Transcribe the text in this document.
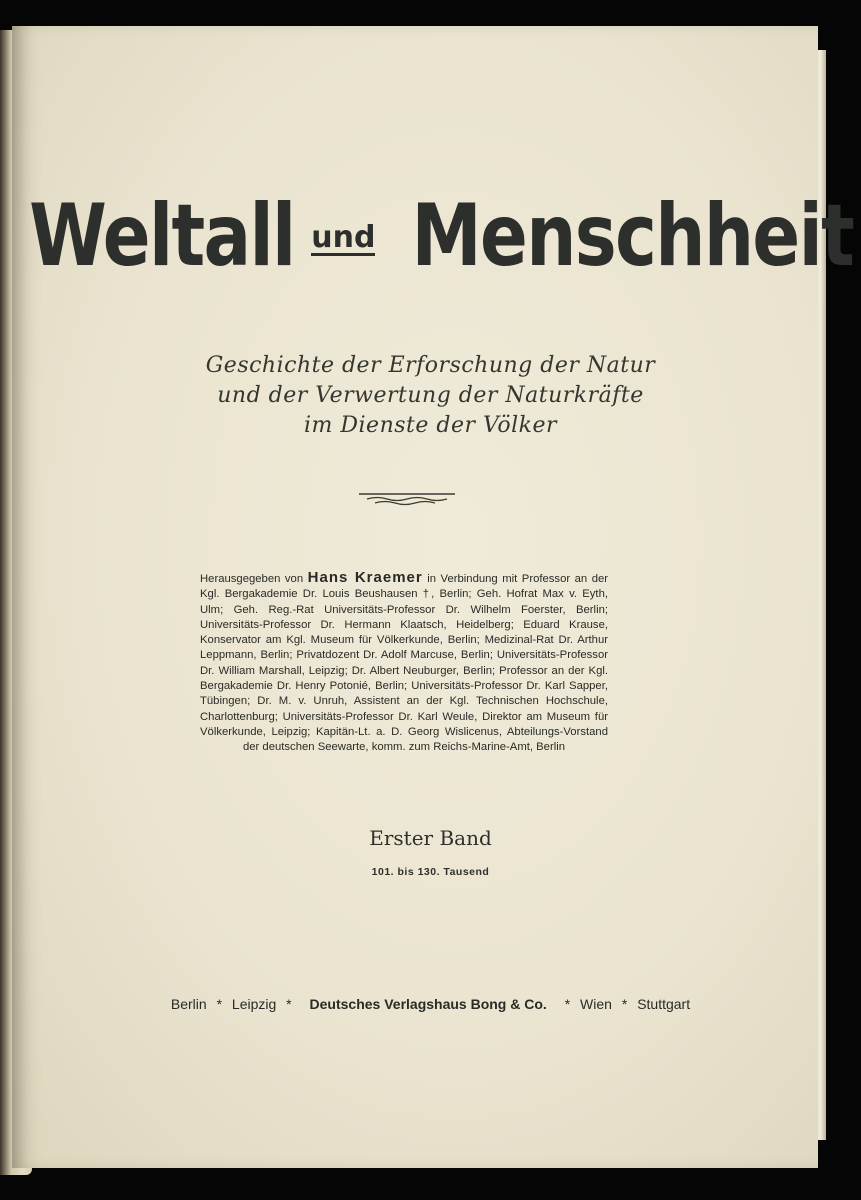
Weltall und Menschheit
Geschichte der Erforschung der Natur
und der Verwertung der Naturkräfte
im Dienste der Völker
Herausgegeben von Hans Kraemer in Verbindung mit Professor an der Kgl. Bergakademie Dr. Louis Beushausen †, Berlin; Geh. Hofrat Max v. Eyth, Ulm; Geh. Reg.-Rat Universitäts-Professor Dr. Wilhelm Foerster, Berlin; Universitäts-Professor Dr. Hermann Klaatsch, Heidelberg; Eduard Krause, Konservator am Kgl. Museum für Völkerkunde, Berlin; Medizinal-Rat Dr. Arthur Leppmann, Berlin; Privatdozent Dr. Adolf Marcuse, Berlin; Universitäts-Professor Dr. William Marshall, Leipzig; Dr. Albert Neuburger, Berlin; Professor an der Kgl. Bergakademie Dr. Henry Potonié, Berlin; Universitäts-Professor Dr. Karl Sapper, Tübingen; Dr. M. v. Unruh, Assistent an der Kgl. Technischen Hochschule, Charlottenburg; Universitäts-Professor Dr. Karl Weule, Direktor am Museum für Völkerkunde, Leipzig; Kapitän-Lt. a. D. Georg Wislicenus, Abteilungs-Vorstand der deutschen Seewarte, komm. zum Reichs-Marine-Amt, Berlin
Erster Band
101. bis 130. Tausend
Berlin * Leipzig * Deutsches Verlagshaus Bong & Co. * Wien * Stuttgart
